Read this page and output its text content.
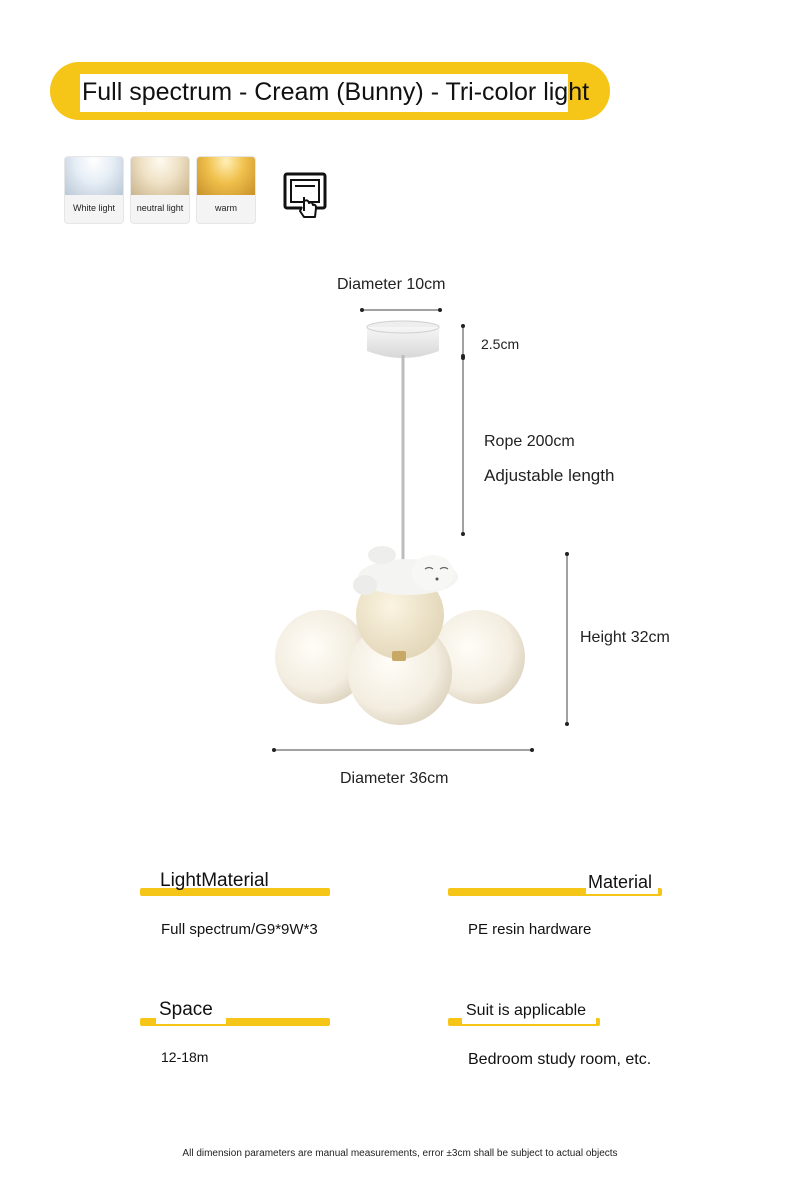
Full spectrum - Cream (Bunny) - Tri-color light
White light	neutral light	warm
Diameter 10cm
2.5cm
Rope 200cm
Adjustable length
Height 32cm
Diameter 36cm
LightMaterial
Full spectrum/G9*9W*3
Material
PE resin hardware
Space
12-18m
Suit is applicable
Bedroom study room, etc.
All dimension parameters are manual measurements, error ±3cm shall be subject to actual objects
